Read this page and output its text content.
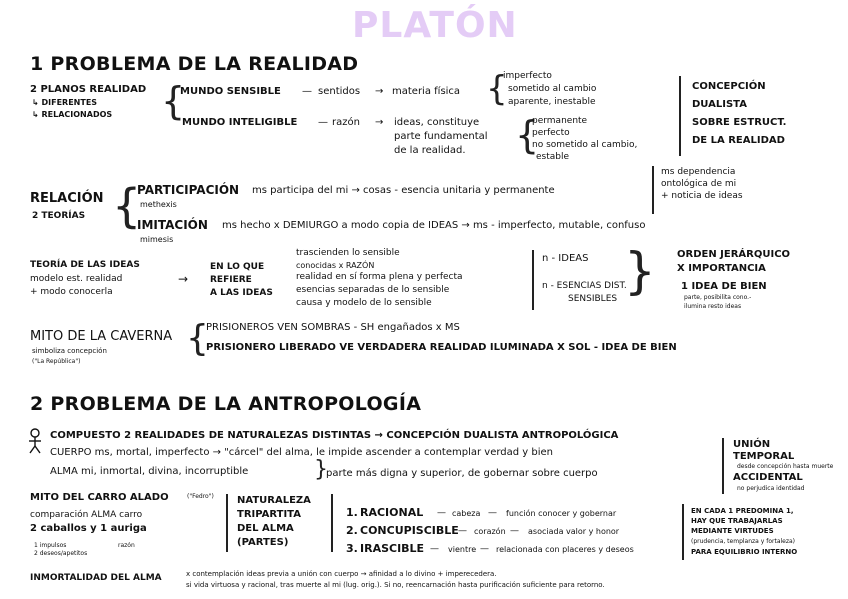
PLATÓN
1 PROBLEMA DE LA REALIDAD
2 PLANOS REALIDAD
↳ DIFERENTES
↳ RELACIONADOS {
MUNDO SENSIBLE — sentidos → materia física {
imperfecto
sometido al cambio
aparente, inestable
MUNDO INTELIGIBLE — razón → ideas, constituye
parte fundamental
de la realidad. {
permanente
perfecto
no sometido al cambio,
estable
CONCEPCIÓN
DUALISTA
SOBRE ESTRUCT.
DE LA REALIDAD
RELACIÓN
2 TEORÍAS {
PARTICIPACIÓN ms participa del mi → cosas - esencia unitaria y permanente
methexis
ms dependencia
ontológica de mi
+ noticia de ideas
IMITACIÓN ms hecho x DEMIURGO a modo copia de IDEAS → ms - imperfecto, mutable, confuso
mimesis
TEORÍA DE LAS IDEAS
modelo est. realidad
+ modo conocerla
→
EN LO QUE
REFIERE
A LAS IDEAS
trascienden lo sensible
conocidas x RAZÓN
realidad en sí forma plena y perfecta
esencias separadas de lo sensible
causa y modelo de lo sensible
n - IDEAS
n - ESENCIAS DIST.
SENSIBLES } ORDEN JERÁRQUICO
X IMPORTANCIA
1 IDEA DE BIEN
parte, posibilita cono.-
ilumina resto ideas
MITO DE LA CAVERNA
simboliza concepción
("La República")
{
PRISIONEROS VEN SOMBRAS - SH engañados x MS
PRISIONERO LIBERADO VE VERDADERA REALIDAD ILUMINADA X SOL - IDEA DE BIEN
2 PROBLEMA DE LA ANTROPOLOGÍA
COMPUESTO 2 REALIDADES DE NATURALEZAS DISTINTAS → CONCEPCIÓN DUALISTA ANTROPOLÓGICA
CUERPO ms, mortal, imperfecto → "cárcel" del alma, le impide ascender a contemplar verdad y bien
ALMA mi, inmortal, divina, incorruptible	}
parte más digna y superior, de gobernar sobre cuerpo
UNIÓN
TEMPORAL
desde concepción hasta muerte
ACCIDENTAL
no perjudica identidad
MITO DEL CARRO ALADO	("Fedro")
comparación ALMA carro
2 caballos y 1 auriga
1 impulsos
2 deseos/apetitos
razón
NATURALEZA
TRIPARTITA
DEL ALMA
(PARTES)
1. RACIONAL — cabeza — función conocer y gobernar
2. CONCUPISCIBLE — corazón — asociada valor y honor
3. IRASCIBLE — vientre — relacionada con placeres y deseos
EN CADA 1 PREDOMINA 1,
HAY QUE TRABAJARLAS
MEDIANTE VIRTUDES
(prudencia, templanza y fortaleza)
PARA EQUILIBRIO INTERNO
INMORTALIDAD DEL ALMA	x contemplación ideas previa a unión con cuerpo → afinidad a lo divino + imperecedera.
si vida virtuosa y racional, tras muerte al mi (lug. orig.). Si no, reencarnación hasta purificación suficiente para retorno.
